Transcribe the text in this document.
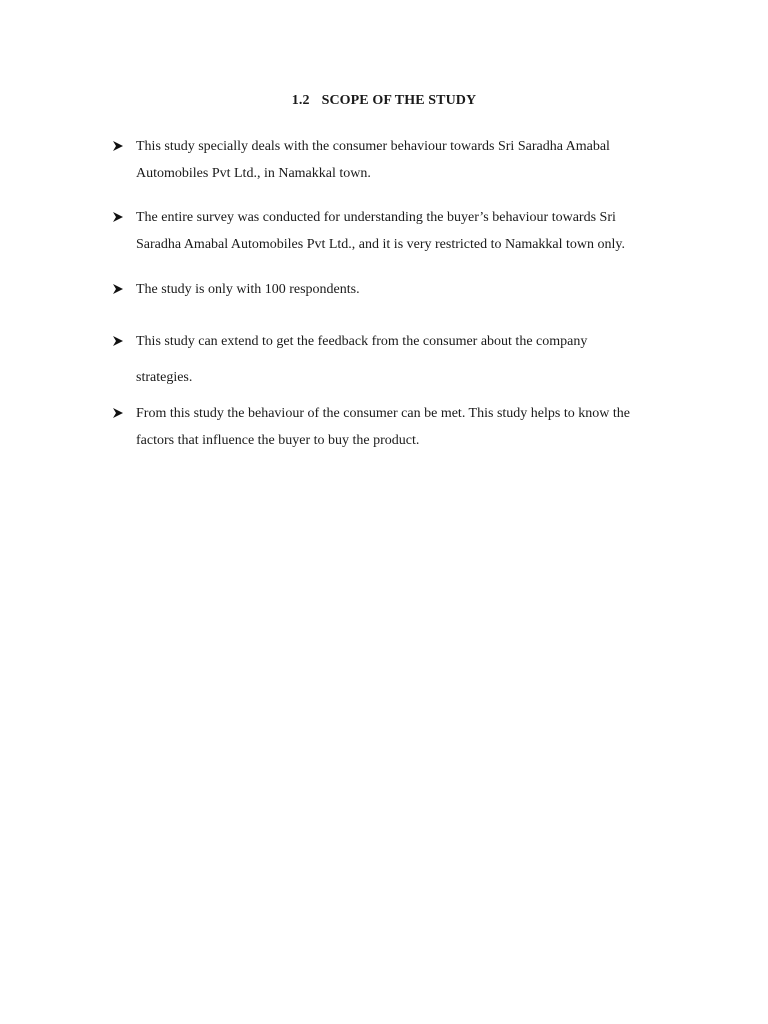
1.2 SCOPE OF THE STUDY
This study specially deals with the consumer behaviour towards Sri Saradha Amabal
Automobiles Pvt Ltd., in Namakkal town.
The entire survey was conducted for understanding the buyer’s behaviour towards Sri
Saradha Amabal Automobiles Pvt Ltd., and it is very restricted to Namakkal town only.
The study is only with 100 respondents.
This study can extend to get the feedback from the consumer about the company
strategies.
From this study the behaviour of the consumer can be met. This study helps to know the
factors that influence the buyer to buy the product.
